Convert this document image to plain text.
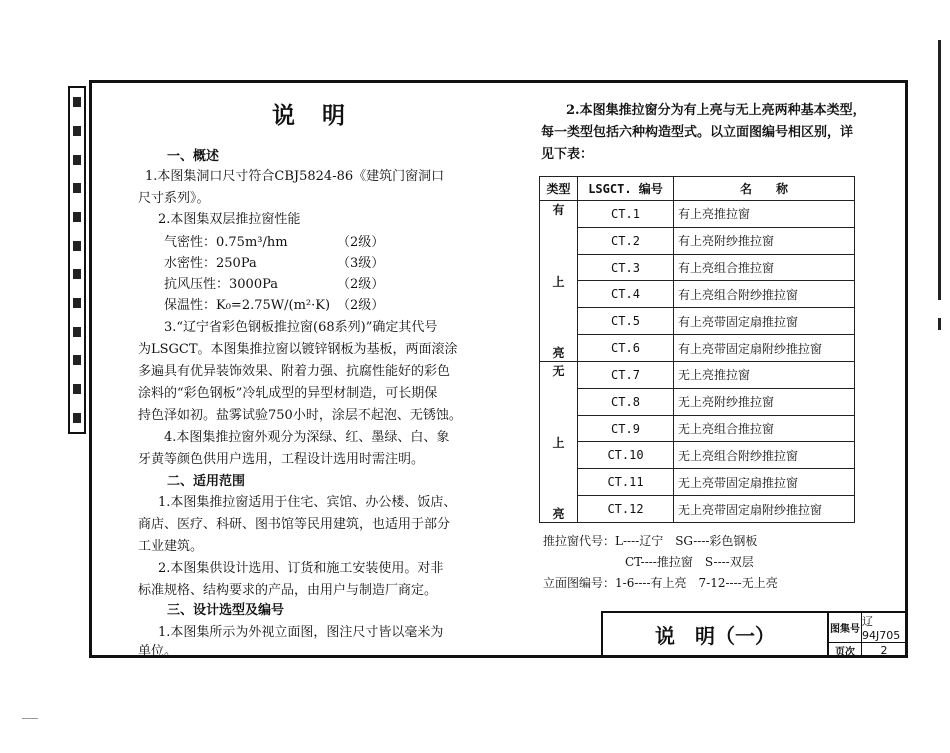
说　明
一、概述
1.本图集洞口尺寸符合CBJ5824-86《建筑门窗洞口
尺寸系列》。
2.本图集双层推拉窗性能
气密性：0.75m³/hm	（2级）
水密性：250Pa	（3级）
抗风压性：3000Pa	（2级）
保温性：K₀=2.75W/(m²·K) （2级）
3.“辽宁省彩色钢板推拉窗(68系列)”确定其代号
为LSGCT。本图集推拉窗以镀锌钢板为基板，两面滚涂
多遍具有优异装饰效果、附着力强、抗腐性能好的彩色
涂料的“彩色钢板”冷轧成型的异型材制造，可长期保
持色泽如初。盐雾试验750小时，涂层不起泡、无锈蚀。
4.本图集推拉窗外观分为深绿、红、墨绿、白、象
牙黄等颜色供用户选用，工程设计选用时需注明。
二、适用范围
1.本图集推拉窗适用于住宅、宾馆、办公楼、饭店、
商店、医疗、科研、图书馆等民用建筑，也适用于部分
工业建筑。
2.本图集供设计选用、订货和施工安装使用。对非
标准规格、结构要求的产品，由用户与制造厂商定。
三、设计选型及编号
1.本图集所示为外视立面图，图注尺寸皆以毫米为
单位。
2.本图集推拉窗分为有上亮与无上亮两种基本类型，
每一类型包括六种构造型式。以立面图编号相区别，详
见下表：
类型	LSGCT. 编号	名　　称

有
上
亮	CT.1	有上亮推拉窗
	CT.2	有上亮附纱推拉窗
	CT.3	有上亮组合推拉窗
	CT.4	有上亮组合附纱推拉窗
	CT.5	有上亮带固定扇推拉窗
	CT.6	有上亮带固定扇附纱推拉窗

无
上
亮	CT.7	无上亮推拉窗
	CT.8	无上亮附纱推拉窗
	CT.9	无上亮组合推拉窗
	CT.10	无上亮组合附纱推拉窗
	CT.11	无上亮带固定扇推拉窗
	CT.12	无上亮带固定扇附纱推拉窗
推拉窗代号：L----辽宁　SG----彩色钢板
CT----推拉窗　S----双层
立面图编号：1-6----有上亮　7-12----无上亮
说　明（一）	图集号
辽94J705
页次	2
